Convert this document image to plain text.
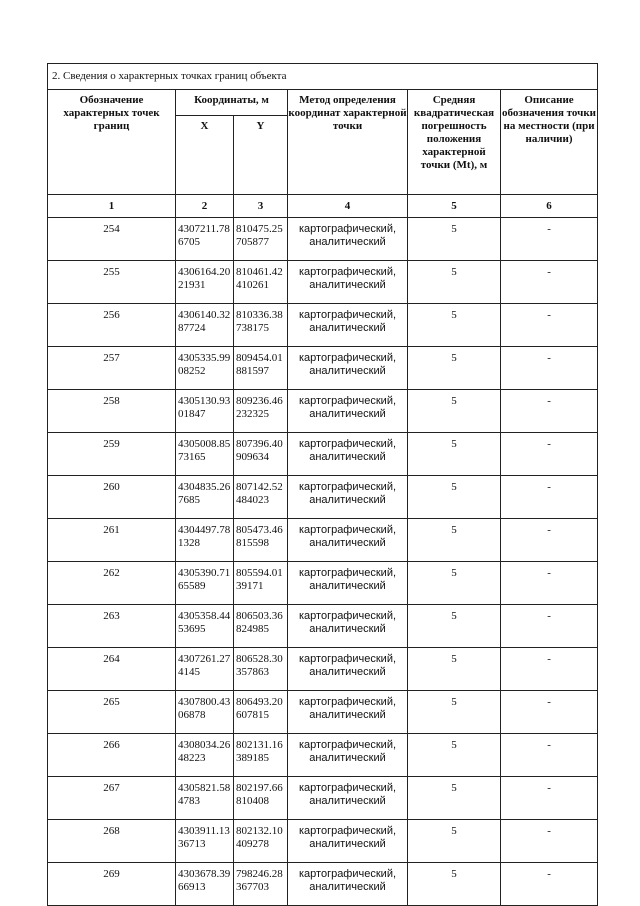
2. Сведения о характерных точках границ объекта					
Обозначение характерных точек границ	Координаты, м		Метод определения координат характерной точки	Средняя квадратическая погрешность положения характерной точки (Mt), м	Описание обозначения точки на местности (при наличии)
	X	Y			
1	2	3	4	5	6
254	4307211.786705	810475.25705877	картографический, аналитический	5	-
255	4306164.2021931	810461.42410261	картографический, аналитический	5	-
256	4306140.3287724	810336.38738175	картографический, аналитический	5	-
257	4305335.9908252	809454.01881597	картографический, аналитический	5	-
258	4305130.9301847	809236.46232325	картографический, аналитический	5	-
259	4305008.8573165	807396.40909634	картографический, аналитический	5	-
260	4304835.267685	807142.52484023	картографический, аналитический	5	-
261	4304497.781328	805473.46815598	картографический, аналитический	5	-
262	4305390.7165589	805594.0139171	картографический, аналитический	5	-
263	4305358.4453695	806503.36824985	картографический, аналитический	5	-
264	4307261.274145	806528.30357863	картографический, аналитический	5	-
265	4307800.4306878	806493.20607815	картографический, аналитический	5	-
266	4308034.2648223	802131.16389185	картографический, аналитический	5	-
267	4305821.584783	802197.66810408	картографический, аналитический	5	-
268	4303911.1336713	802132.10409278	картографический, аналитический	5	-
269	4303678.3966913	798246.28367703	картографический, аналитический	5	-
